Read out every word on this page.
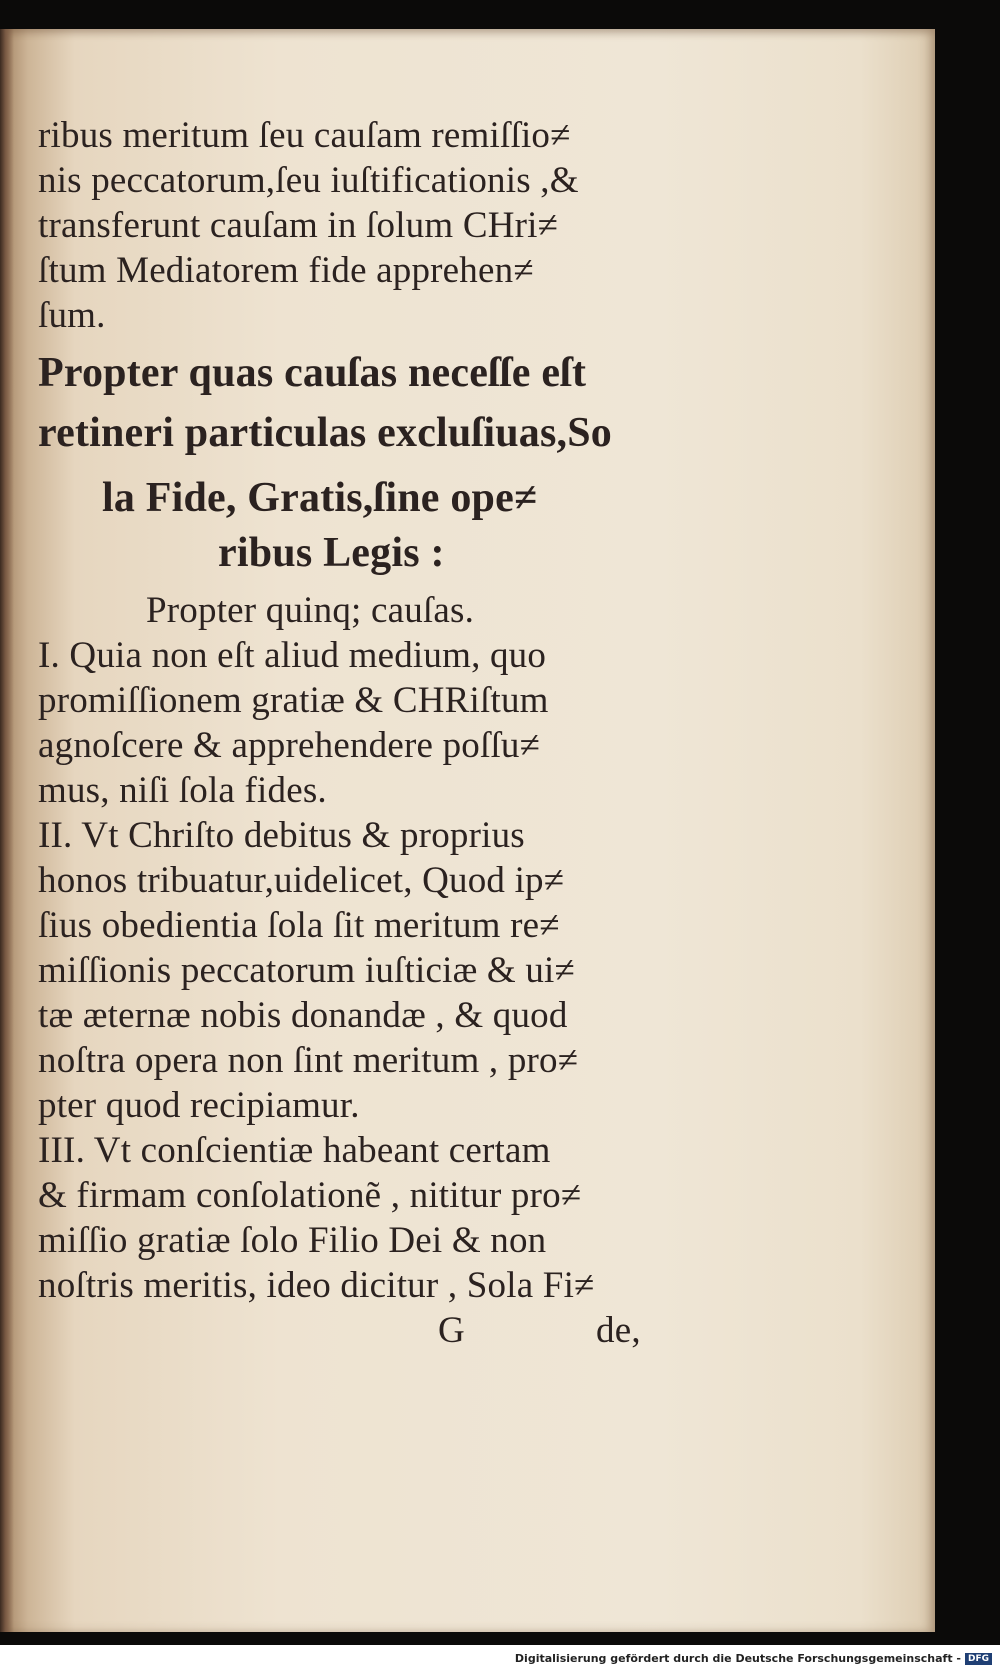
ribus meritum ſeu cauſam remiſſio≠
nis peccatorum,ſeu iuſtificationis ,&
transferunt cauſam in ſolum CHri≠
ſtum Mediatorem fide apprehen≠
ſum.
Propter quas cauſas neceſſe eſt
retineri particulas excluſiuas,So
la Fide, Gratis,ſine ope≠
ribus Legis :
Propter quinq; cauſas.
I. Quia non eſt aliud medium, quo
promiſſionem gratiæ & CHRiſtum
agnoſcere & apprehendere poſſu≠
mus, niſi ſola fides.
II. Vt Chriſto debitus & proprius
honos tribuatur,uidelicet, Quod ip≠
ſius obedientia ſola ſit meritum re≠
miſſionis peccatorum iuſticiæ & ui≠
tæ æternæ nobis donandæ , & quod
noſtra opera non ſint meritum , pro≠
pter quod recipiamur.
III. Vt conſcientiæ habeant certam
& firmam conſolationẽ , nititur pro≠
miſſio gratiæ ſolo Filio Dei & non
noſtris meritis, ideo dicitur , Sola Fi≠
G	de,
Digitalisierung gefördert durch die Deutsche Forschungsgemeinschaft - DFG
